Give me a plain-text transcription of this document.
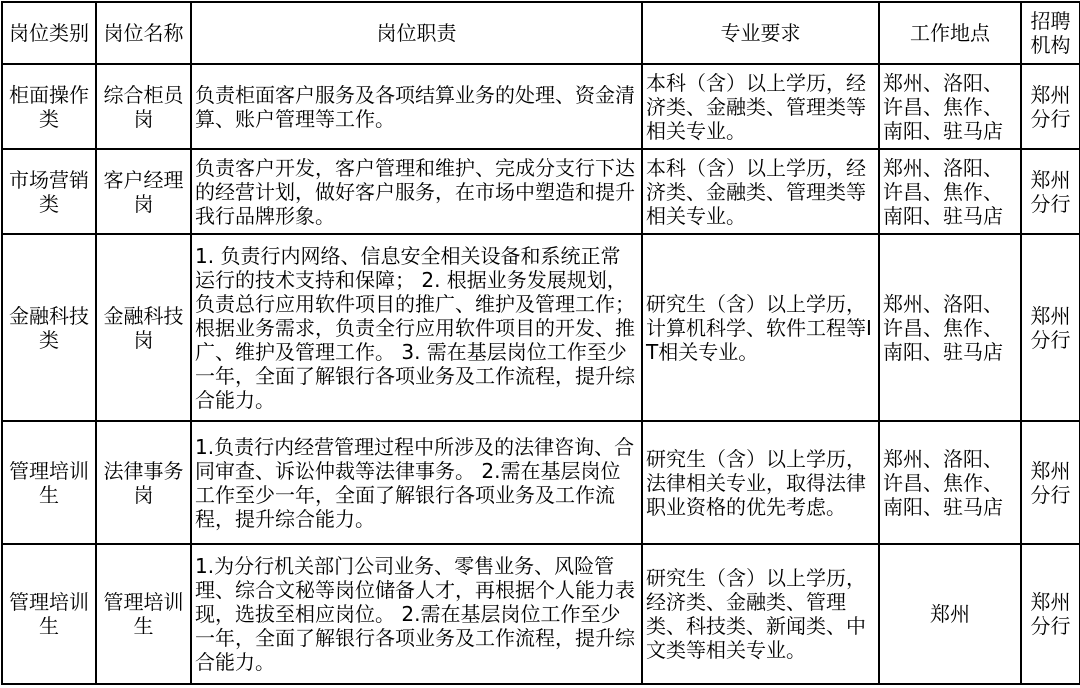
岗位类别	岗位名称	岗位职责	专业要求	工作地点	招聘机构
柜面操作类	综合柜员岗	负责柜面客户服务及各项结算业务的处理、资金清算、账户管理等工作。	本科（含）以上学历，经济类、金融类、管理类等相关专业。	郑州、洛阳、许昌、焦作、南阳、驻马店	郑州分行
市场营销类	客户经理岗	负责客户开发，客户管理和维护、完成分支行下达的经营计划，做好客户服务，在市场中塑造和提升我行品牌形象。	本科（含）以上学历，经济类、金融类、管理类等相关专业。	郑州、洛阳、许昌、焦作、南阳、驻马店	郑州分行
金融科技类	金融科技岗	1. 负责行内网络、信息安全相关设备和系统正常运行的技术支持和保障； 2. 根据业务发展规划，负责总行应用软件项目的推广、维护及管理工作；根据业务需求，负责全行应用软件项目的开发、推广、维护及管理工作。 3. 需在基层岗位工作至少一年，全面了解银行各项业务及工作流程，提升综合能力。	研究生（含）以上学历，计算机科学、软件工程等IT相关专业。	郑州、洛阳、许昌、焦作、南阳、驻马店	郑州分行
管理培训生	法律事务岗	1.负责行内经营管理过程中所涉及的法律咨询、合同审查、诉讼仲裁等法律事务。 2.需在基层岗位工作至少一年，全面了解银行各项业务及工作流程，提升综合能力。	研究生（含）以上学历，法律相关专业，取得法律职业资格的优先考虑。	郑州、洛阳、许昌、焦作、南阳、驻马店	郑州分行
管理培训生	管理培训生	1.为分行机关部门公司业务、零售业务、风险管理、综合文秘等岗位储备人才，再根据个人能力表现，选拔至相应岗位。 2.需在基层岗位工作至少一年，全面了解银行各项业务及工作流程，提升综合能力。	研究生（含）以上学历，经济类、金融类、管理类、科技类、新闻类、中文类等相关专业。	郑州	郑州分行
